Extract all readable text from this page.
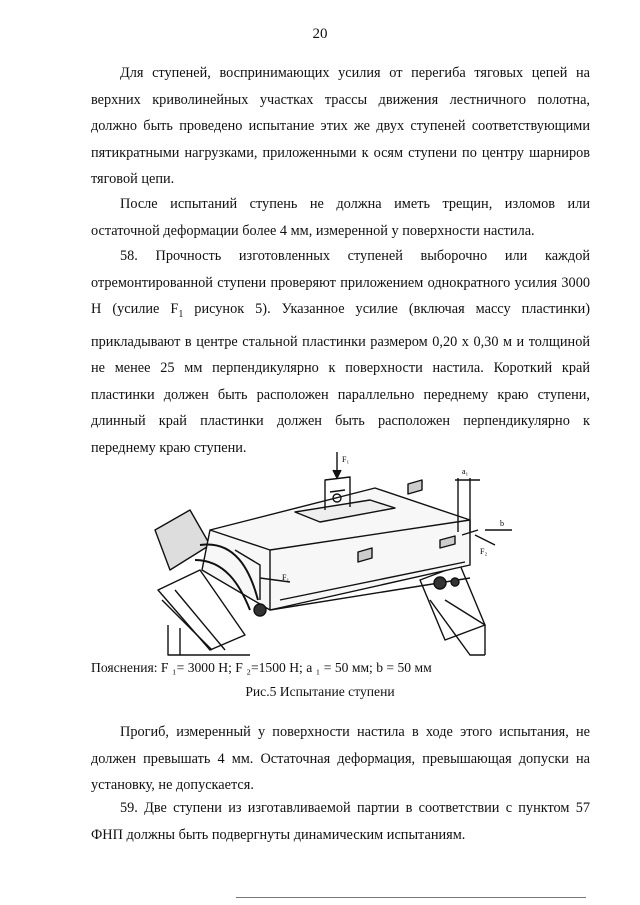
20
Для ступеней, воспринимающих усилия от перегиба тяговых цепей на верхних криволинейных участках трассы движения лестничного полотна, должно быть проведено испытание этих же двух ступеней соответствующими пятикратными нагрузками, приложенными к осям ступени по центру шарниров тяговой цепи.
После испытаний ступень не должна иметь трещин, изломов или остаточной деформации более 4 мм, измеренной у поверхности настила.
58. Прочность изготовленных ступеней выборочно или каждой отремонтированной ступени проверяют приложением однократного усилия 3000 Н (усилие $F_1$ рисунок 5). Указанное усилие (включая массу пластинки) прикладывают в центре стальной пластинки размером 0,20 x 0,30 м и толщиной не менее 25 мм перпендикулярно к поверхности настила. Короткий край пластинки должен быть расположен параллельно переднему краю ступени, длинный край пластинки должен быть расположен перпендикулярно к переднему краю ступени.
F₁
a₁
F₂
F₁
b
Пояснения: F ₁= 3000 Н; F ₂=1500 Н; a ₁ = 50 мм; b = 50 мм
Рис.5 Испытание ступени
Прогиб, измеренный у поверхности настила в ходе этого испытания, не должен превышать 4 мм. Остаточная деформация, превышающая допуски на установку, не допускается.
59. Две ступени из изготавливаемой партии в соответствии с пунктом 57 ФНП должны быть подвергнуты динамическим испытаниям.
